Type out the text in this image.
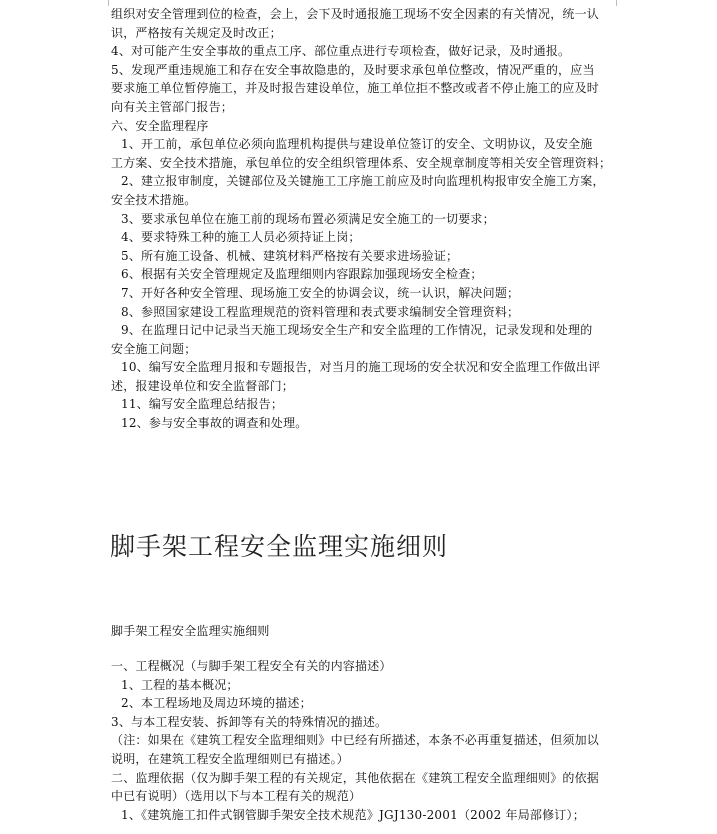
组织对安全管理到位的检查，会上，会下及时通报施工现场不安全因素的有关情况，统一认
识，严格按有关规定及时改正；
4、对可能产生安全事故的重点工序、部位重点进行专项检查，做好记录，及时通报。
5、发现严重违规施工和存在安全事故隐患的，及时要求承包单位整改，情况严重的，应当
要求施工单位暂停施工，并及时报告建设单位，施工单位拒不整改或者不停止施工的应及时
向有关主管部门报告；
六、安全监理程序
1、开工前，承包单位必须向监理机构提供与建设单位签订的安全、文明协议，及安全施
工方案、安全技术措施，承包单位的安全组织管理体系、安全规章制度等相关安全管理资料；
2、建立报审制度，关键部位及关键施工工序施工前应及时向监理机构报审安全施工方案，
安全技术措施。
3、要求承包单位在施工前的现场布置必须满足安全施工的一切要求；
4、要求特殊工种的施工人员必须持证上岗；
5、所有施工设备、机械、建筑材料严格按有关要求进场验证；
6、根据有关安全管理规定及监理细则内容跟踪加强现场安全检查；
7、开好各种安全管理、现场施工安全的协调会议，统一认识，解决问题；
8、参照国家建设工程监理规范的资料管理和表式要求编制安全管理资料；
9、在监理日记中记录当天施工现场安全生产和安全监理的工作情况，记录发现和处理的
安全施工问题；
10、编写安全监理月报和专题报告，对当月的施工现场的安全状况和安全监理工作做出评
述，报建设单位和安全监督部门；
11、编写安全监理总结报告；
12、参与安全事故的调查和处理。
脚手架工程安全监理实施细则
脚手架工程安全监理实施细则
一、工程概况（与脚手架工程安全有关的内容描述）
1、工程的基本概况；
2、本工程场地及周边环境的描述；
3、与本工程安装、拆卸等有关的特殊情况的描述。
（注：如果在《建筑工程安全监理细则》中已经有所描述，本条不必再重复描述，但须加以
说明，在建筑工程安全监理细则已有描述。）
二、监理依据（仅为脚手架工程的有关规定，其他依据在《建筑工程安全监理细则》的依据
中已有说明）（选用以下与本工程有关的规范）
1、《建筑施工扣件式钢管脚手架安全技术规范》JGJ130-2001（2002 年局部修订）；
